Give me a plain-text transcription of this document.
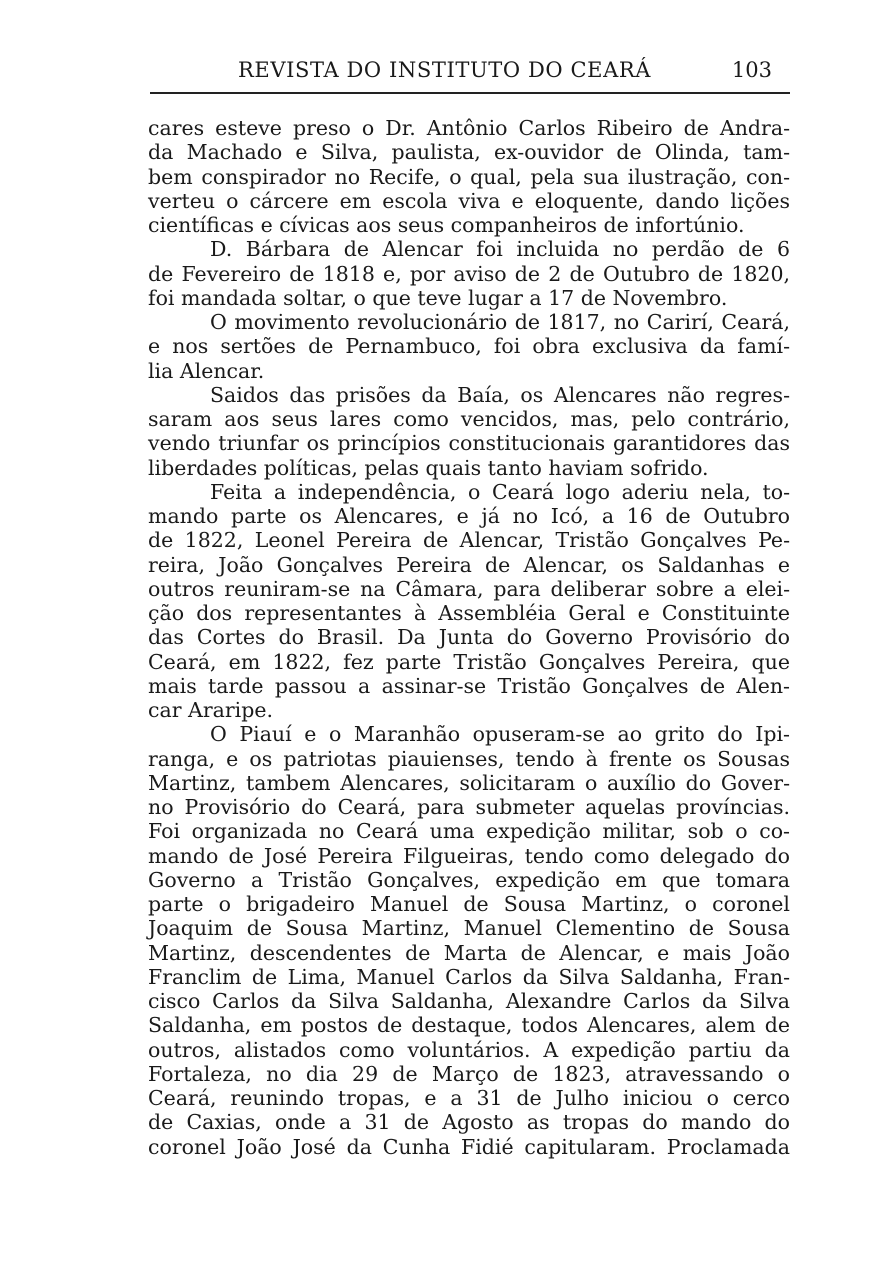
REVISTA DO INSTITUTO DO CEARÁ	103
cares esteve preso o Dr. Antônio Carlos Ribeiro de Andra-
da Machado e Silva, paulista, ex-ouvidor de Olinda, tam-
bem conspirador no Recife, o qual, pela sua ilustração, con-
verteu o cárcere em escola viva e eloquente, dando lições
científicas e cívicas aos seus companheiros de infortúnio.
D. Bárbara de Alencar foi incluida no perdão de 6
de Fevereiro de 1818 e, por aviso de 2 de Outubro de 1820,
foi mandada soltar, o que teve lugar a 17 de Novembro.
O movimento revolucionário de 1817, no Carirí, Ceará,
e nos sertões de Pernambuco, foi obra exclusiva da famí-
lia Alencar.
Saidos das prisões da Baía, os Alencares não regres-
saram aos seus lares como vencidos, mas, pelo contrário,
vendo triunfar os princípios constitucionais garantidores das
liberdades políticas, pelas quais tanto haviam sofrido.
Feita a independência, o Ceará logo aderiu nela, to-
mando parte os Alencares, e já no Icó, a 16 de Outubro
de 1822, Leonel Pereira de Alencar, Tristão Gonçalves Pe-
reira, João Gonçalves Pereira de Alencar, os Saldanhas e
outros reuniram-se na Câmara, para deliberar sobre a elei-
ção dos representantes à Assembléia Geral e Constituinte
das Cortes do Brasil. Da Junta do Governo Provisório do
Ceará, em 1822, fez parte Tristão Gonçalves Pereira, que
mais tarde passou a assinar-se Tristão Gonçalves de Alen-
car Araripe.
O Piauí e o Maranhão opuseram-se ao grito do Ipi-
ranga, e os patriotas piauienses, tendo à frente os Sousas
Martinz, tambem Alencares, solicitaram o auxílio do Gover-
no Provisório do Ceará, para submeter aquelas províncias.
Foi organizada no Ceará uma expedição militar, sob o co-
mando de José Pereira Filgueiras, tendo como delegado do
Governo a Tristão Gonçalves, expedição em que tomara
parte o brigadeiro Manuel de Sousa Martinz, o coronel
Joaquim de Sousa Martinz, Manuel Clementino de Sousa
Martinz, descendentes de Marta de Alencar, e mais João
Franclim de Lima, Manuel Carlos da Silva Saldanha, Fran-
cisco Carlos da Silva Saldanha, Alexandre Carlos da Silva
Saldanha, em postos de destaque, todos Alencares, alem de
outros, alistados como voluntários. A expedição partiu da
Fortaleza, no dia 29 de Março de 1823, atravessando o
Ceará, reunindo tropas, e a 31 de Julho iniciou o cerco
de Caxias, onde a 31 de Agosto as tropas do mando do
coronel João José da Cunha Fidié capitularam. Proclamada
